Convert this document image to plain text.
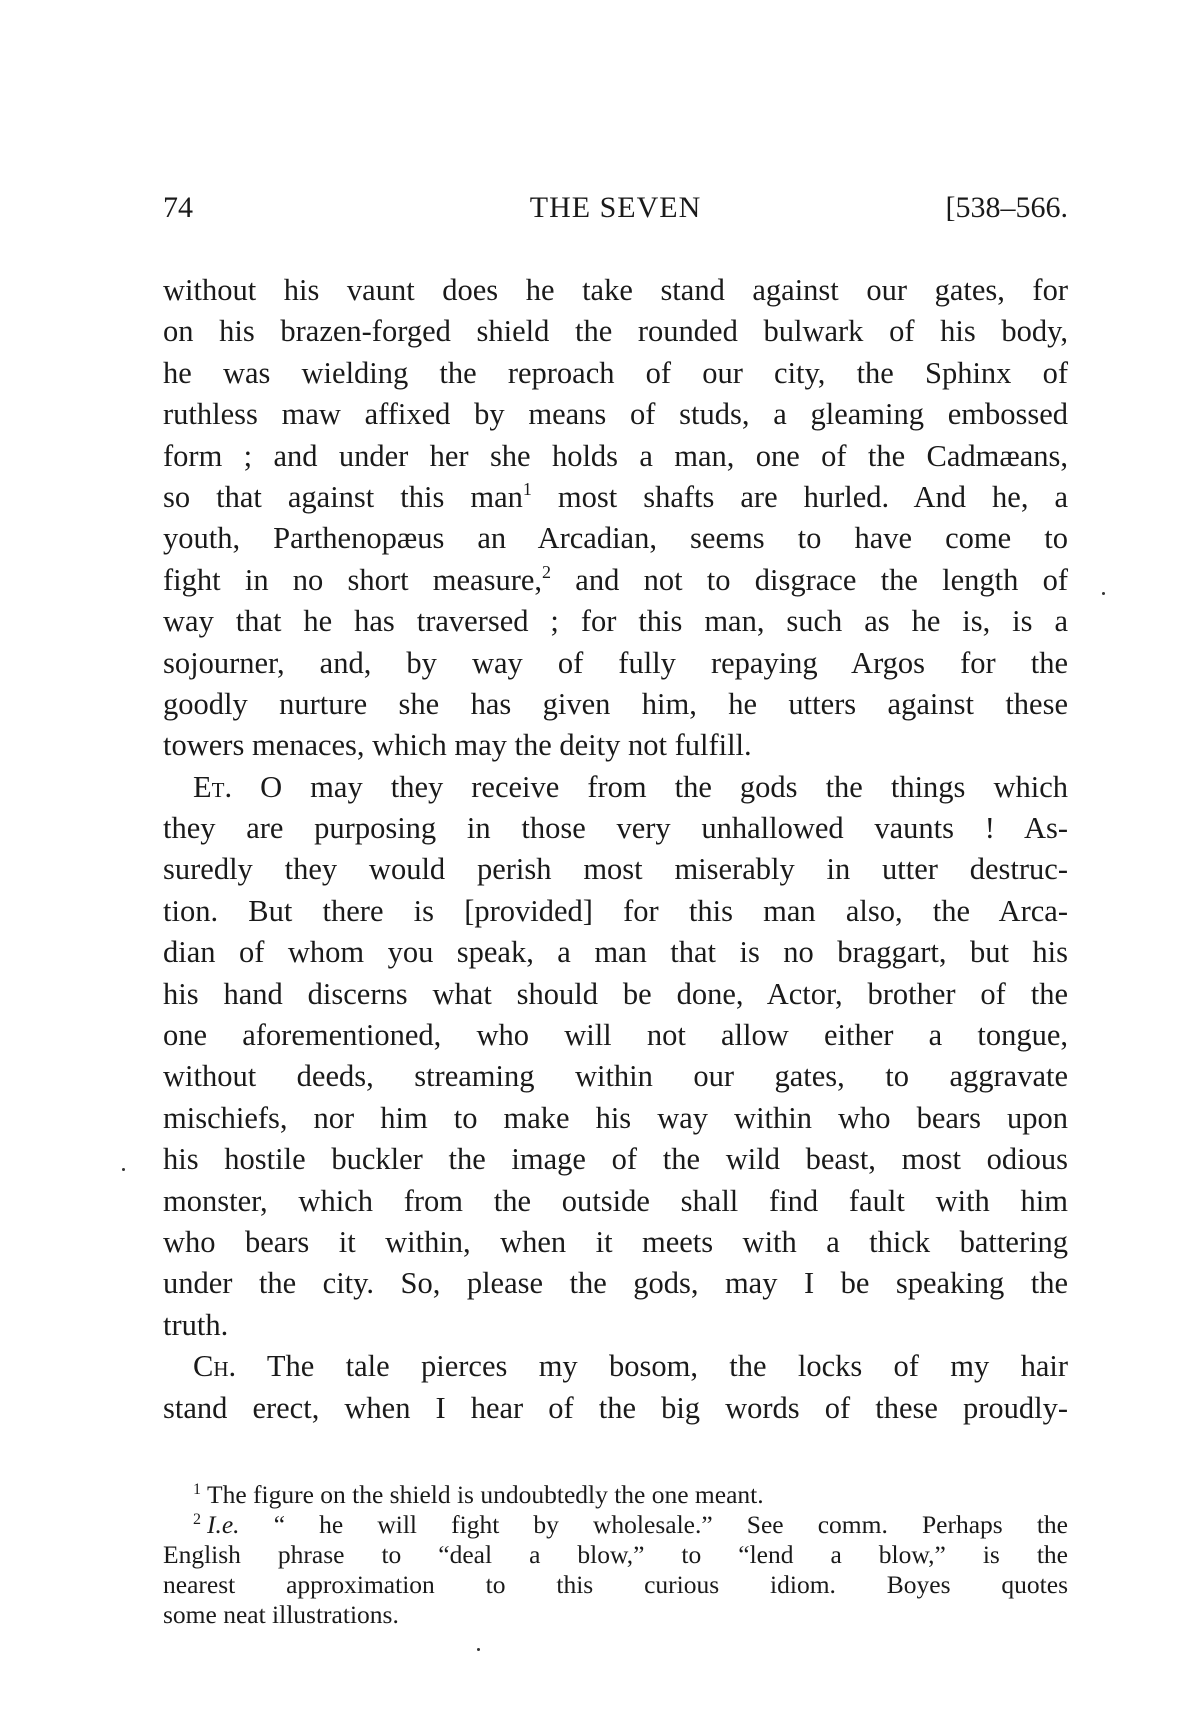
74	THE SEVEN	[538–566.
without his vaunt does he take stand against our gates, for
on his brazen-forged shield the rounded bulwark of his body,
he was wielding the reproach of our city, the Sphinx of
ruthless maw affixed by means of studs, a gleaming embossed
form ; and under her she holds a man, one of the Cadmæans,
so that against this man$^1$ most shafts are hurled. And he, a
youth, Parthenopæus an Arcadian, seems to have come to
fight in no short measure,$^2$ and not to disgrace the length of
way that he has traversed ; for this man, such as he is, is a
sojourner, and, by way of fully repaying Argos for the
goodly nurture she has given him, he utters against these
towers menaces, which may the deity not fulfill.
Et. O may they receive from the gods the things which
they are purposing in those very unhallowed vaunts ! As-
suredly they would perish most miserably in utter destruc-
tion. But there is [provided] for this man also, the Arca-
dian of whom you speak, a man that is no braggart, but his
his hand discerns what should be done, Actor, brother of the
one aforementioned, who will not allow either a tongue,
without deeds, streaming within our gates, to aggravate
mischiefs, nor him to make his way within who bears upon
his hostile buckler the image of the wild beast, most odious
monster, which from the outside shall find fault with him
who bears it within, when it meets with a thick battering
under the city. So, please the gods, may I be speaking the
truth.
Ch. The tale pierces my bosom, the locks of my hair
stand erect, when I hear of the big words of these proudly-
$^1$ The figure on the shield is undoubtedly the one meant.
$^2$ I.e. “ he will fight by wholesale.” See comm. Perhaps the
English phrase to “deal a blow,” to “lend a blow,” is the
nearest approximation to this curious idiom. Boyes quotes
some neat illustrations.
